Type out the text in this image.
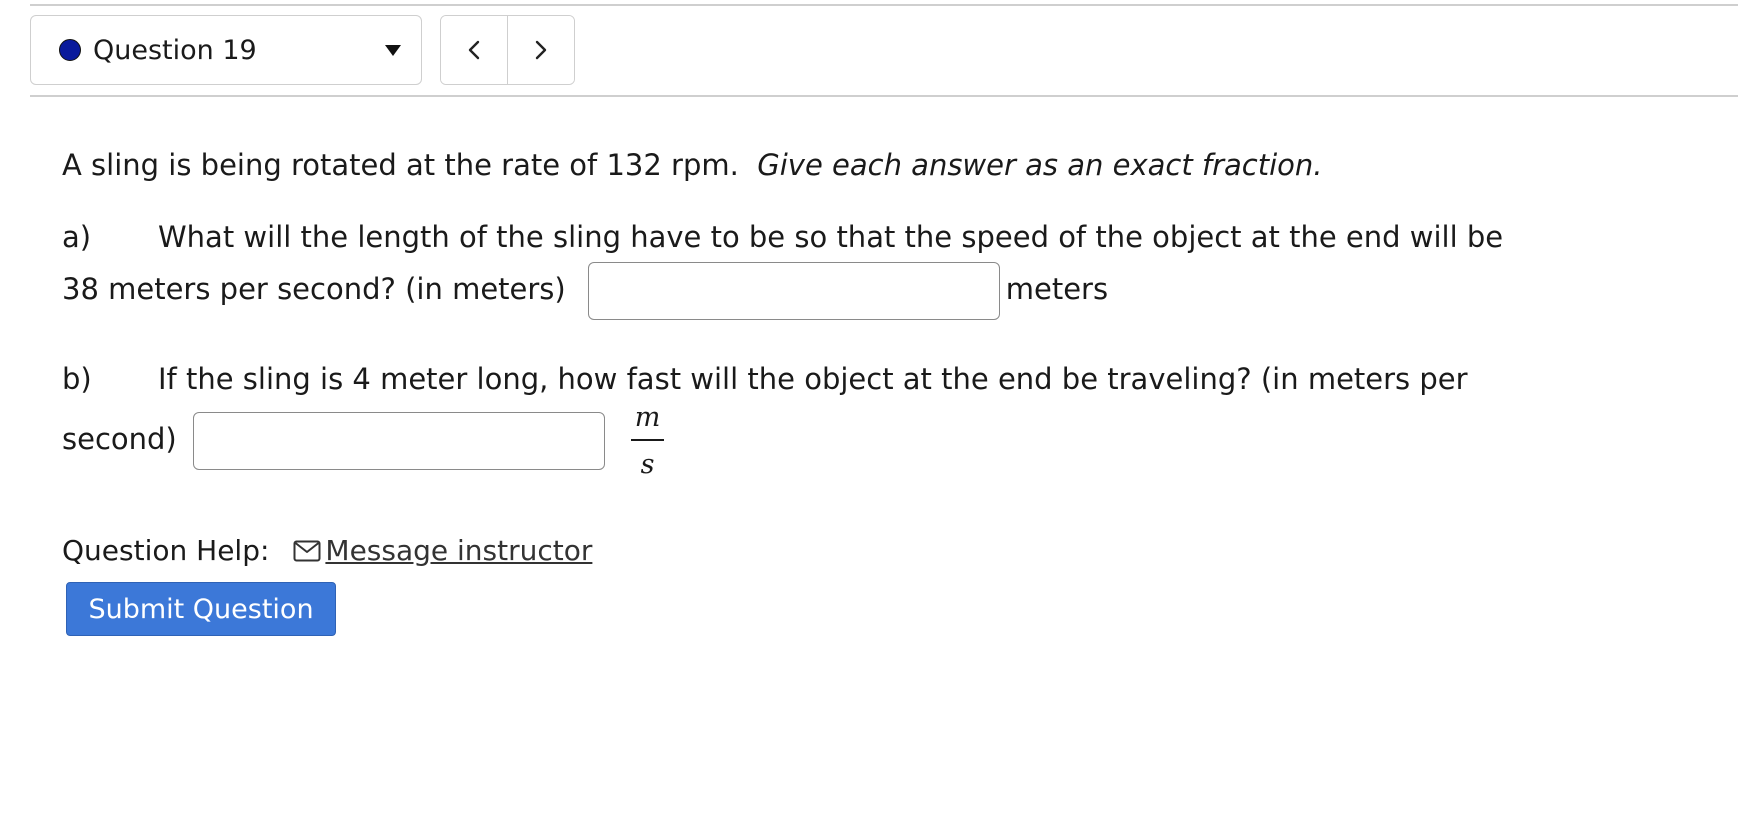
Question 19

A sling is being rotated at the rate of 132 rpm. Give each answer as an exact fraction.

a) What will the length of the sling have to be so that the speed of the object at the end will be
38 meters per second? (in meters)	meters

b) If the sling is 4 meter long, how fast will the object at the end be traveling? (in meters per
second)	$\frac{m}{s}$

Question Help: Message instructor
Submit Question
